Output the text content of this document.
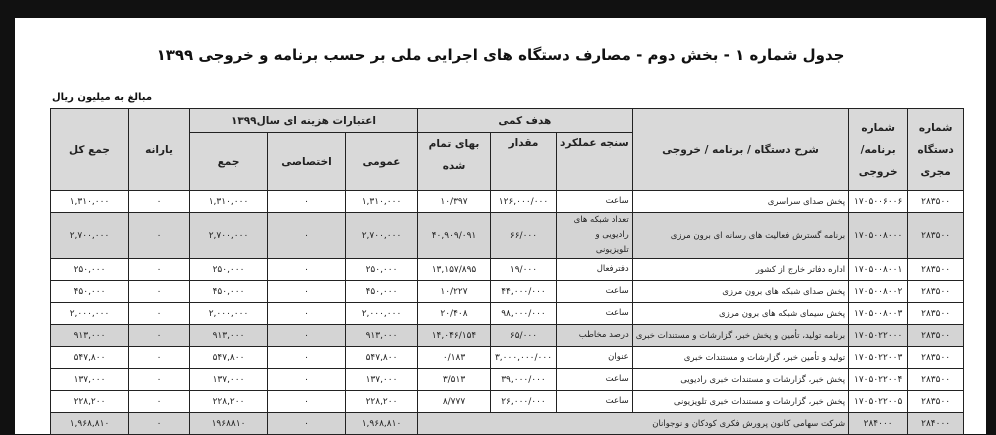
جدول شماره ۱ - بخش دوم - مصارف دستگاه های اجرایی ملی بر حسب برنامه و خروجی ۱۳۹۹
مبالغ به میلیون ریال
شماره
دستگاه
مجری	شماره
برنامه/
خروجی	شرح دستگاه / برنامه / خروجی	هدف کمی			اعتبارات هزینه ای سال۱۳۹۹			یارانه	جمع کل
			سنجه عملکرد	مقدار	بهای تمام
شده	عمومی	اختصاصی	جمع		
۲۸۳۵۰۰	۱۷۰۵۰۰۶۰۰۶	پخش صدای سراسری	ساعت	۱۲۶,۰۰۰/۰۰۰	۱۰/۳۹۷	۱,۳۱۰,۰۰۰	۰	۱,۳۱۰,۰۰۰	۰	۱,۳۱۰,۰۰۰
۲۸۳۵۰۰	۱۷۰۵۰۰۸۰۰۰	برنامه گسترش فعالیت های رسانه ای برون مرزی	تعداد شبکه های رادیویی و تلویزیونی	۶۶/۰۰۰	۴۰,۹۰۹/۰۹۱	۲,۷۰۰,۰۰۰	۰	۲,۷۰۰,۰۰۰	۰	۲,۷۰۰,۰۰۰
۲۸۳۵۰۰	۱۷۰۵۰۰۸۰۰۱	اداره دفاتر خارج از کشور	دفترفعال	۱۹/۰۰۰	۱۳,۱۵۷/۸۹۵	۲۵۰,۰۰۰	۰	۲۵۰,۰۰۰	۰	۲۵۰,۰۰۰
۲۸۳۵۰۰	۱۷۰۵۰۰۸۰۰۲	پخش صدای شبکه های برون مرزی	ساعت	۴۴,۰۰۰/۰۰۰	۱۰/۲۲۷	۴۵۰,۰۰۰	۰	۴۵۰,۰۰۰	۰	۴۵۰,۰۰۰
۲۸۳۵۰۰	۱۷۰۵۰۰۸۰۰۳	پخش سیمای شبکه های برون مرزی	ساعت	۹۸,۰۰۰/۰۰۰	۲۰/۴۰۸	۲,۰۰۰,۰۰۰	۰	۲,۰۰۰,۰۰۰	۰	۲,۰۰۰,۰۰۰
۲۸۳۵۰۰	۱۷۰۵۰۲۲۰۰۰	برنامه تولید، تأمین و پخش خبر، گزارشات و مستندات خبری	درصد مخاطب	۶۵/۰۰۰	۱۴,۰۴۶/۱۵۴	۹۱۳,۰۰۰	۰	۹۱۳,۰۰۰	۰	۹۱۳,۰۰۰
۲۸۳۵۰۰	۱۷۰۵۰۲۲۰۰۳	تولید و تأمین خبر، گزارشات و مستندات خبری	عنوان	۳,۰۰۰,۰۰۰/۰۰۰	۰/۱۸۳	۵۴۷,۸۰۰	۰	۵۴۷,۸۰۰	۰	۵۴۷,۸۰۰
۲۸۳۵۰۰	۱۷۰۵۰۲۲۰۰۴	پخش خبر، گزارشات و مستندات خبری رادیویی	ساعت	۳۹,۰۰۰/۰۰۰	۳/۵۱۳	۱۳۷,۰۰۰	۰	۱۳۷,۰۰۰	۰	۱۳۷,۰۰۰
۲۸۳۵۰۰	۱۷۰۵۰۲۲۰۰۵	پخش خبر، گزارشات و مستندات خبری تلویزیونی	ساعت	۲۶,۰۰۰/۰۰۰	۸/۷۷۷	۲۲۸,۲۰۰	۰	۲۲۸,۲۰۰	۰	۲۲۸,۲۰۰
۲۸۴۰۰۰	۲۸۴۰۰۰	شرکت سهامی کانون پرورش فکری کودکان و نوجوانان				۱,۹۶۸,۸۱۰	۰	۱۹۶۸۸۱۰	۰	۱,۹۶۸,۸۱۰
